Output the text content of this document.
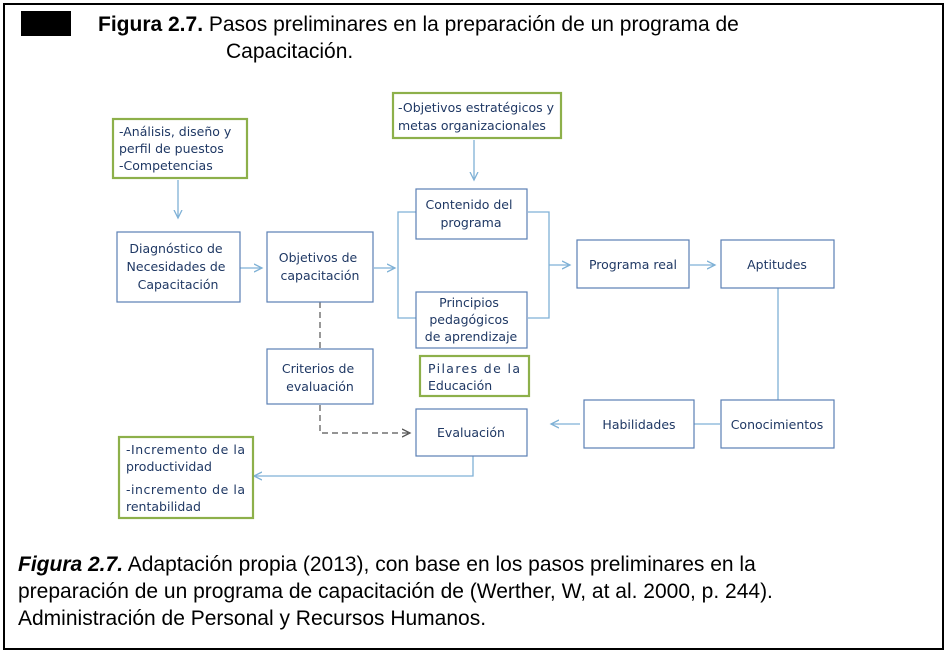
Figura 2.7. Pasos preliminares en la preparación de un programa de
Capacitación.
-Análisis, diseño y perfil de puestos -Competencias
-Objetivos estratégicos y metas organizacionales
Diagnóstico de Necesidades de Capacitación
Objetivos de capacitación
Contenido del programa
Principios pedagógicos de aprendizaje
Pilares de la Educación
Programa real	Aptitudes
Criterios de evaluación
Evaluación
Habilidades	Conocimientos
-Incremento de la productividad -incremento de la rentabilidad
Figura 2.7. Adaptación propia (2013), con base en los pasos preliminares en la
preparación de un programa de capacitación de (Werther, W, at al. 2000, p. 244).
Administración de Personal y Recursos Humanos.
